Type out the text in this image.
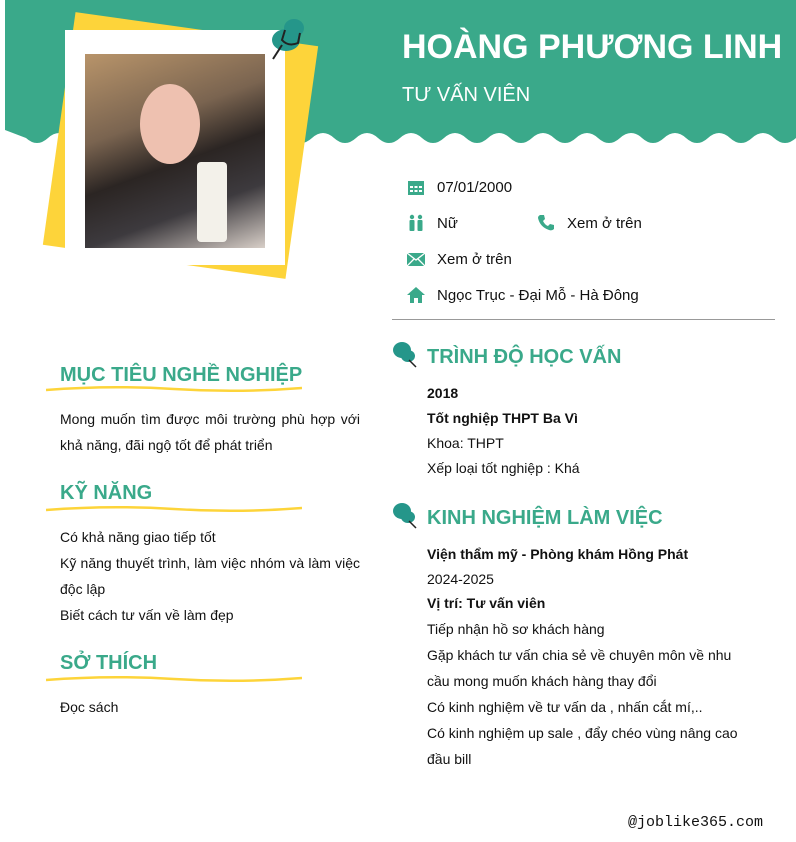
HOÀNG PHƯƠNG LINH
TƯ VẤN VIÊN
07/01/2000
Nữ	Xem ở trên
Xem ở trên
Ngọc Trục - Đại Mỗ - Hà Đông
MỤC TIÊU NGHỀ NGHIỆP
Mong muốn tìm được môi trường phù hợp với khả năng, đãi ngộ tốt để phát triển
KỸ NĂNG
Có khả năng giao tiếp tốt
Kỹ năng thuyết trình, làm việc nhóm và làm việc độc lập
Biết cách tư vấn về làm đẹp
SỞ THÍCH
Đọc sách
TRÌNH ĐỘ HỌC VẤN
2018
Tốt nghiệp THPT Ba Vì
Khoa: THPT
Xếp loại tốt nghiệp : Khá
KINH NGHIỆM LÀM VIỆC
Viện thẩm mỹ - Phòng khám Hồng Phát
2024-2025
Vị trí: Tư vấn viên
Tiếp nhận hồ sơ khách hàng
Gặp khách tư vấn chia sẻ về chuyên môn về nhu cầu mong muốn khách hàng thay đổi
Có kinh nghiệm về tư vấn da , nhấn cắt mí,..
Có kinh nghiệm up sale , đẩy chéo vùng nâng cao đầu bill
@joblike365.com
